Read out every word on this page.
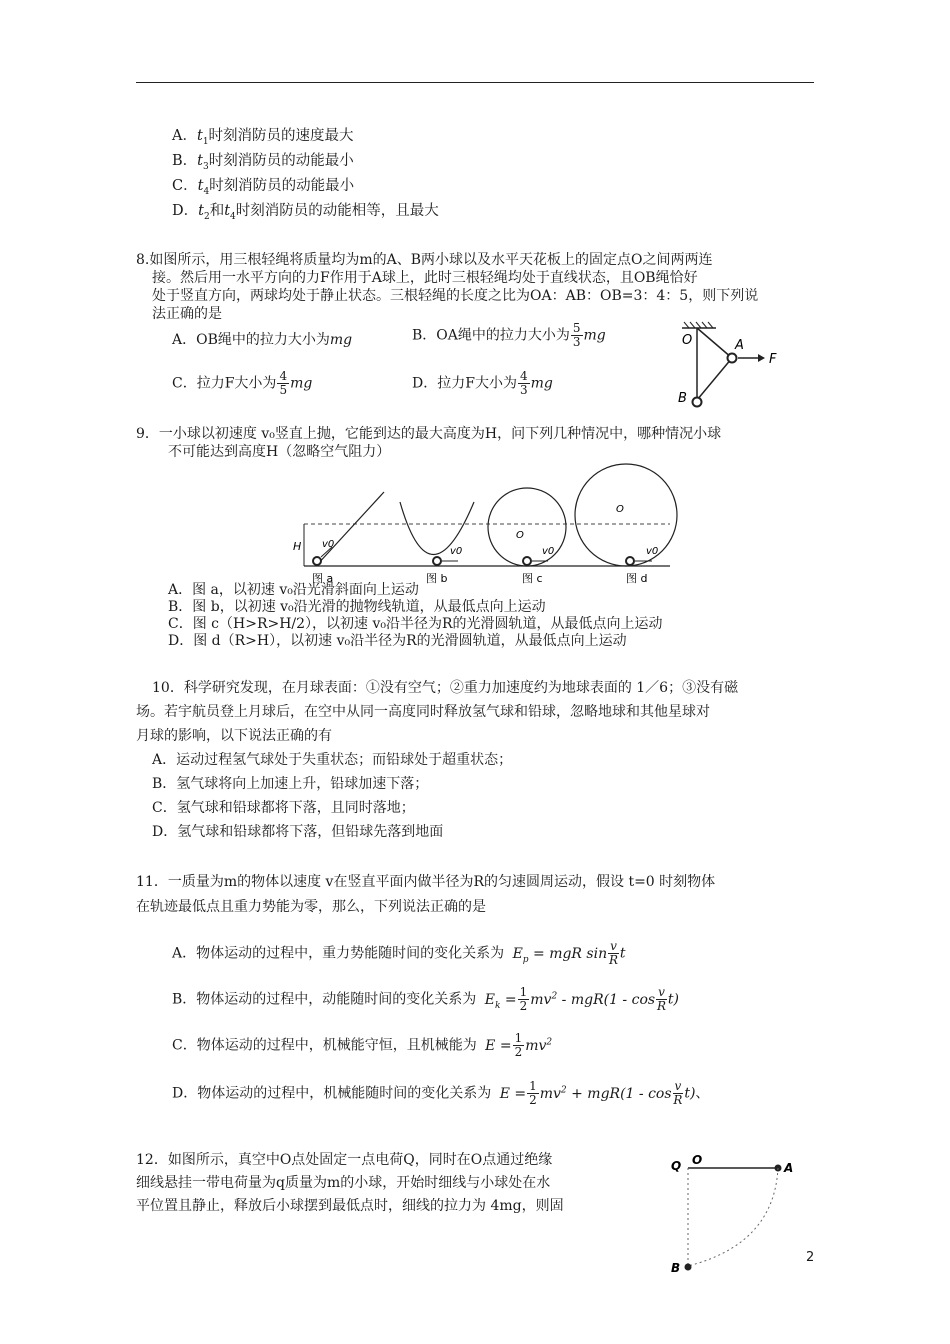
A．$t_1$时刻消防员的速度最大
B．$t_3$时刻消防员的动能最小
C．$t_4$时刻消防员的动能最小
D．$t_2$和$t_4$时刻消防员的动能相等，且最大
8.如图所示，用三根轻绳将质量均为m的A、B两小球以及水平天花板上的固定点O之间两两连
接。然后用一水平方向的力F作用于A球上，此时三根轻绳均处于直线状态，且OB绳恰好
处于竖直方向，两球均处于静止状态。三根轻绳的长度之比为OA：AB：OB=3：4：5，则下列说
法正确的是
A．OB绳中的拉力大小为mg	B．OA绳中的拉力大小为 $\frac{5}{3}$ mg
C．拉力F大小为 $\frac{4}{5}$ mg	D．拉力F大小为 $\frac{4}{3}$ mg
O	A
B
F
9．一小球以初速度 v₀竖直上抛，它能到达的最大高度为H，问下列几种情况中，哪种情况小球
不可能达到高度H（忽略空气阻力）
H v0
图 a
v0
图 b
O
v0
图 c
O
v0
图 d
A．图 a，以初速 v₀沿光滑斜面向上运动
B．图 b，以初速 v₀沿光滑的抛物线轨道，从最低点向上运动
C．图 c（H>R>H/2），以初速 v₀沿半径为R的光滑圆轨道，从最低点向上运动
D．图 d（R>H），以初速 v₀沿半径为R的光滑圆轨道，从最低点向上运动
10．科学研究发现，在月球表面：①没有空气；②重力加速度约为地球表面的 1／6；③没有磁
场。若宇航员登上月球后，在空中从同一高度同时释放氢气球和铅球，忽略地球和其他星球对
月球的影响，以下说法正确的有
A．运动过程氢气球处于失重状态；而铅球处于超重状态；
B．氢气球将向上加速上升，铅球加速下落；
C．氢气球和铅球都将下落，且同时落地；
D．氢气球和铅球都将下落，但铅球先落到地面
11．一质量为m的物体以速度 v在竖直平面内做半径为R的匀速圆周运动，假设 t=0 时刻物体
在轨迹最低点且重力势能为零，那么，下列说法正确的是
A．物体运动的过程中，重力势能随时间的变化关系为 $E_p$ = mgR $\sin \frac{v}{R}$ t
B．物体运动的过程中，动能随时间的变化关系为 $E_k = \frac{1}{2} mv^2 - mgR(1 - \cos \frac{v}{R} t)$
C．物体运动的过程中，机械能守恒，且机械能为 $E = \frac{1}{2} mv^2$
D．物体运动的过程中，机械能随时间的变化关系为 $E = \frac{1}{2} mv^2 + mgR(1 - \cos \frac{v}{R} t)$、
12．如图所示，真空中O点处固定一点电荷Q，同时在O点通过绝缘
细线悬挂一带电荷量为q质量为m的小球，开始时细线与小球处在水
平位置且静止，释放后小球摆到最低点时，细线的拉力为 4mg，则固
Q O
A
B
2
